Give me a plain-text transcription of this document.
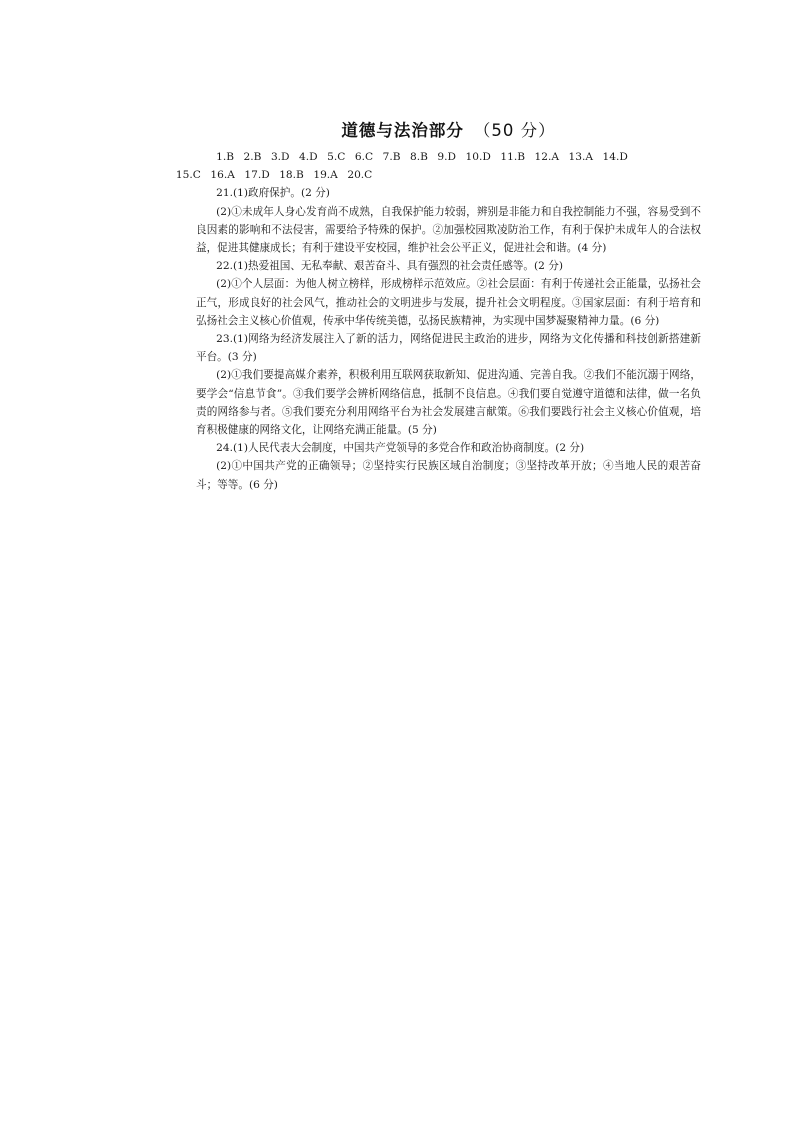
道德与法治部分 （50 分）

1.B 2.B 3.D 4.D 5.C 6.C 7.B 8.B 9.D 10.D 11.B 12.A 13.A 14.D
15.C 16.A 17.D 18.B 19.A 20.C

21.(1)政府保护。(2 分)

(2)①未成年人身心发育尚不成熟，自我保护能力较弱，辨别是非能力和自我控制能力不强，容易受到不良因素的影响和不法侵害，需要给予特殊的保护。②加强校园欺凌防治工作，有利于保护未成年人的合法权益，促进其健康成长；有利于建设平安校园，维护社会公平正义，促进社会和谐。(4 分)

22.(1)热爱祖国、无私奉献、艰苦奋斗、具有强烈的社会责任感等。(2 分)

(2)①个人层面：为他人树立榜样，形成榜样示范效应。②社会层面：有利于传递社会正能量，弘扬社会正气，形成良好的社会风气，推动社会的文明进步与发展，提升社会文明程度。③国家层面：有利于培育和弘扬社会主义核心价值观，传承中华传统美德，弘扬民族精神，为实现中国梦凝聚精神力量。(6 分)

23.(1)网络为经济发展注入了新的活力，网络促进民主政治的进步，网络为文化传播和科技创新搭建新平台。(3 分)

(2)①我们要提高媒介素养，积极利用互联网获取新知、促进沟通、完善自我。②我们不能沉溺于网络，要学会“信息节食”。③我们要学会辨析网络信息，抵制不良信息。④我们要自觉遵守道德和法律，做一名负责的网络参与者。⑤我们要充分利用网络平台为社会发展建言献策。⑥我们要践行社会主义核心价值观，培育积极健康的网络文化，让网络充满正能量。(5 分)

24.(1)人民代表大会制度，中国共产党领导的多党合作和政治协商制度。(2 分)

(2)①中国共产党的正确领导；②坚持实行民族区域自治制度；③坚持改革开放；④当地人民的艰苦奋斗；等等。(6 分)
